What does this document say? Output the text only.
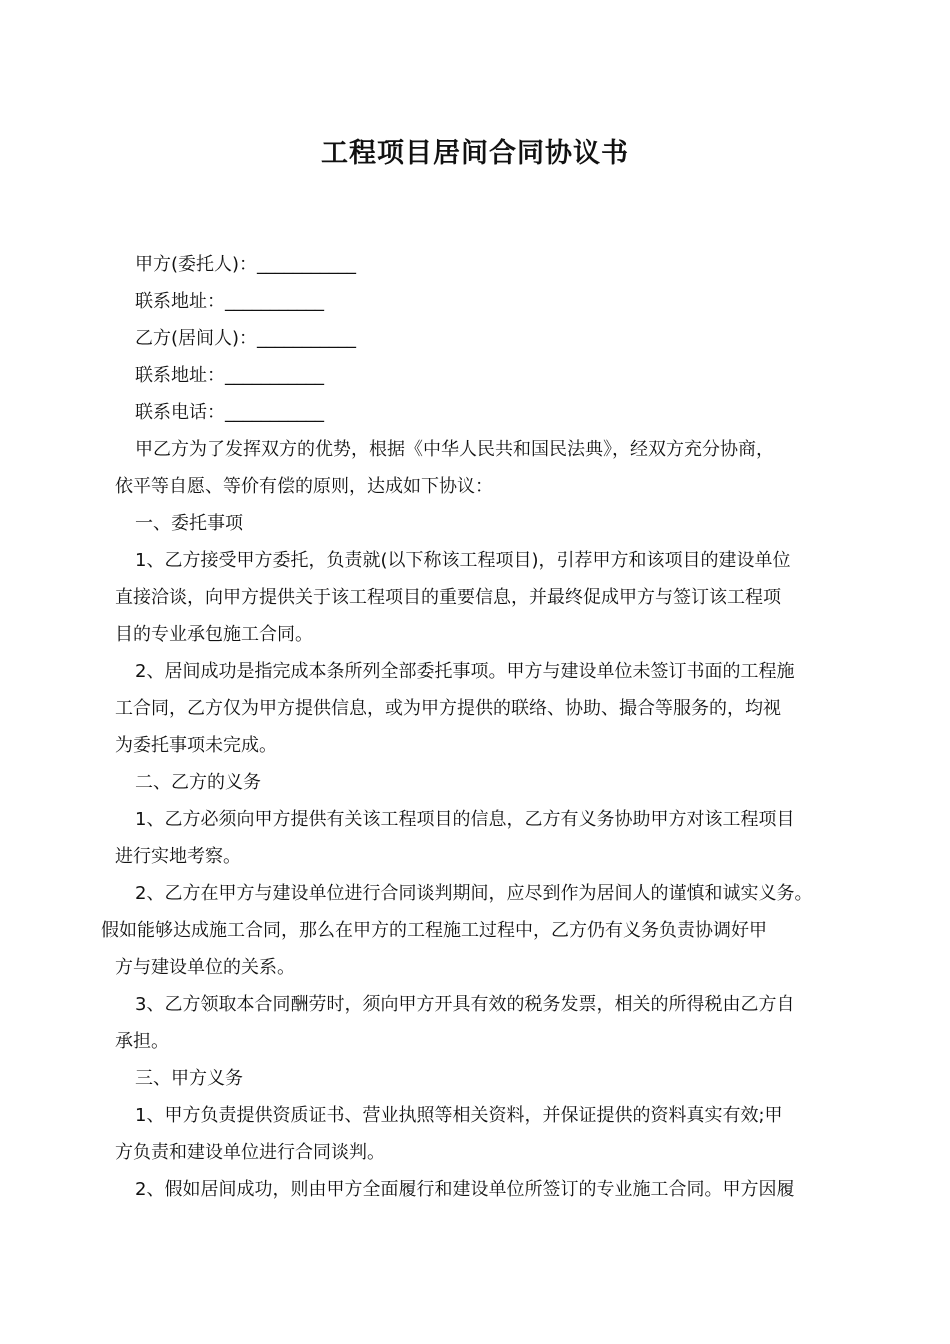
工程项目居间合同协议书
甲方(委托人)：___________
联系地址：___________
乙方(居间人)：___________
联系地址：___________
联系电话：___________
甲乙方为了发挥双方的优势，根据《中华人民共和国民法典》，经双方充分协商，
依平等自愿、等价有偿的原则，达成如下协议：
一、委托事项
1、乙方接受甲方委托，负责就(以下称该工程项目)，引荐甲方和该项目的建设单位
直接洽谈，向甲方提供关于该工程项目的重要信息，并最终促成甲方与签订该工程项
目的专业承包施工合同。
2、居间成功是指完成本条所列全部委托事项。甲方与建设单位未签订书面的工程施
工合同，乙方仅为甲方提供信息，或为甲方提供的联络、协助、撮合等服务的，均视
为委托事项未完成。
二、乙方的义务
1、乙方必须向甲方提供有关该工程项目的信息，乙方有义务协助甲方对该工程项目
进行实地考察。
2、乙方在甲方与建设单位进行合同谈判期间，应尽到作为居间人的谨慎和诚实义务。
假如能够达成施工合同，那么在甲方的工程施工过程中，乙方仍有义务负责协调好甲
方与建设单位的关系。
3、乙方领取本合同酬劳时，须向甲方开具有效的税务发票，相关的所得税由乙方自
承担。
三、甲方义务
1、甲方负责提供资质证书、营业执照等相关资料，并保证提供的资料真实有效;甲
方负责和建设单位进行合同谈判。
2、假如居间成功，则由甲方全面履行和建设单位所签订的专业施工合同。甲方因履
